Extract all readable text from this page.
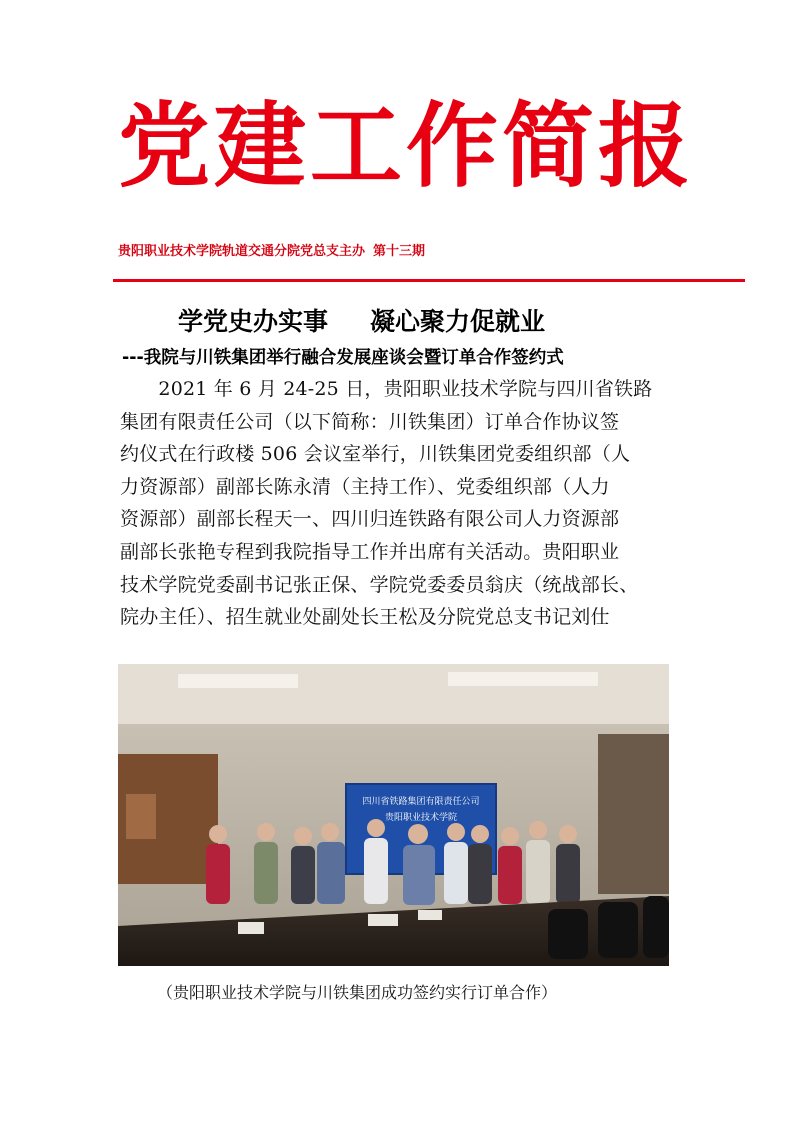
党建工作简报
贵阳职业技术学院轨道交通分院党总支主办 第十三期
学党史办实事 凝心聚力促就业
---我院与川铁集团举行融合发展座谈会暨订单合作签约式
　　2021 年 6 月 24-25 日，贵阳职业技术学院与四川省铁路
集团有限责任公司（以下简称：川铁集团）订单合作协议签
约仪式在行政楼 506 会议室举行，川铁集团党委组织部（人
力资源部）副部长陈永清（主持工作）、党委组织部（人力
资源部）副部长程天一、四川归连铁路有限公司人力资源部
副部长张艳专程到我院指导工作并出席有关活动。贵阳职业
技术学院党委副书记张正保、学院党委委员翁庆（统战部长、
院办主任）、招生就业处副处长王松及分院党总支书记刘仕
四川省铁路集团有限责任公司
贵阳职业技术学院
（贵阳职业技术学院与川铁集团成功签约实行订单合作）
